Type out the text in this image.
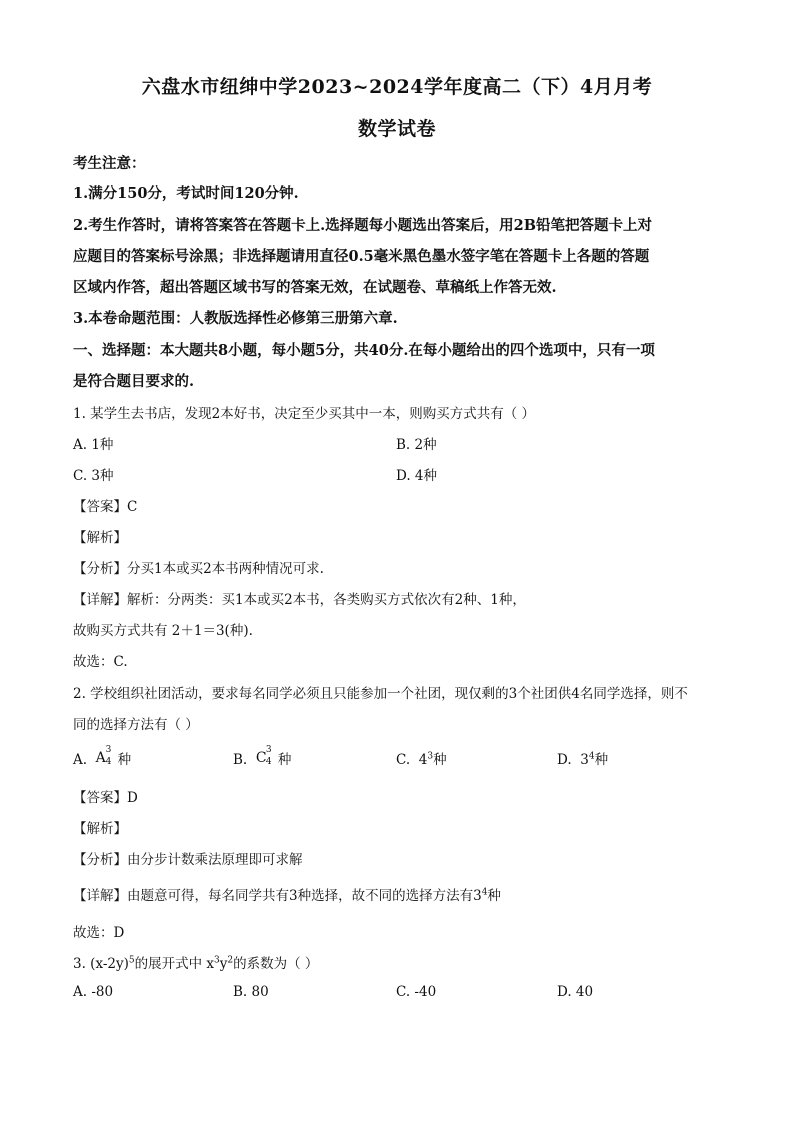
六盘水市纽绅中学2023~2024学年度高二（下）4月月考
数学试卷
考生注意：
1.满分150分，考试时间120分钟.
2.考生作答时，请将答案答在答题卡上.选择题每小题选出答案后，用2B铅笔把答题卡上对
应题目的答案标号涂黑；非选择题请用直径0.5毫米黑色墨水签字笔在答题卡上各题的答题
区域内作答，超出答题区域书写的答案无效，在试题卷、草稿纸上作答无效.
3.本卷命题范围：人教版选择性必修第三册第六章.
一、选择题：本大题共8小题，每小题5分，共40分.在每小题给出的四个选项中，只有一项
是符合题目要求的.
1. 某学生去书店，发现2本好书，决定至少买其中一本，则购买方式共有（ ）
A. 1种	B. 2种
C. 3种	D. 4种
【答案】C
【解析】
【分析】分买1本或买2本书两种情况可求.
【详解】解析：分两类：买1本或买2本书，各类购买方式依次有2种、1种，
故购买方式共有 2＋1＝3(种).
故选：C.
2. 学校组织社团活动，要求每名同学必须且只能参加一个社团，现仅剩的3个社团供4名同学选择，则不
同的选择方法有（ ）
A. A 3
4 种	B. C 3
4 种	C. $4^3$种	D. $3^4$种
【答案】D
【解析】
【分析】由分步计数乘法原理即可求解
【详解】由题意可得，每名同学共有3种选择，故不同的选择方法有$3^4$种
故选：D
3. $(x-2y)^5$的展开式中 $x^3y^2$的系数为（ ）
A. -80	B. 80	C. -40	D. 40
